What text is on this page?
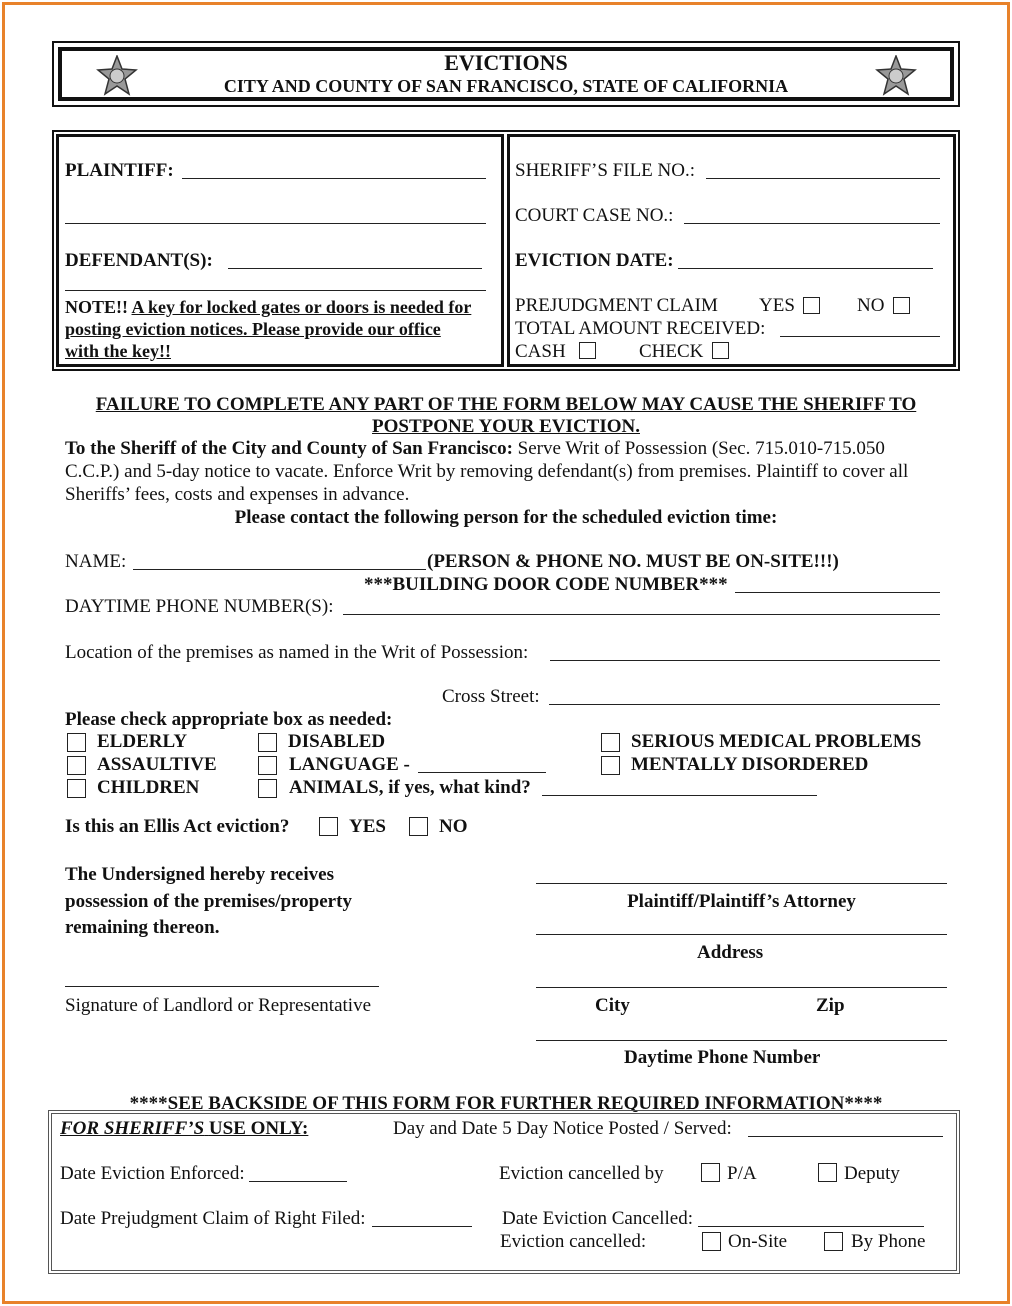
EVICTIONS
CITY AND COUNTY OF SAN FRANCISCO, STATE OF CALIFORNIA
PLAINTIFF:
DEFENDANT(S):
NOTE!! A key for locked gates or doors is needed for
posting eviction notices. Please provide our office
with the key!!
SHERIFF’S FILE NO.:
COURT CASE NO.:
EVICTION DATE:
PREJUDGMENT CLAIM YES	NO
TOTAL AMOUNT RECEIVED:
CASH	CHECK
FAILURE TO COMPLETE ANY PART OF THE FORM BELOW MAY CAUSE THE SHERIFF TO
POSTPONE YOUR EVICTION.
To the Sheriff of the City and County of San Francisco: Serve Writ of Possession (Sec. 715.010-715.050
C.C.P.) and 5-day notice to vacate. Enforce Writ by removing defendant(s) from premises. Plaintiff to cover all
Sheriffs’ fees, costs and expenses in advance.
Please contact the following person for the scheduled eviction time:
NAME:	(PERSON & PHONE NO. MUST BE ON-SITE!!!)
***BUILDING DOOR CODE NUMBER***
DAYTIME PHONE NUMBER(S):
Location of the premises as named in the Writ of Possession:
Cross Street:
Please check appropriate box as needed:
ELDERLY
ASSAULTIVE
CHILDREN
DISABLED
LANGUAGE -
ANIMALS, if yes, what kind?
SERIOUS MEDICAL PROBLEMS
MENTALLY DISORDERED
Is this an Ellis Act eviction?	YES	NO
The Undersigned hereby receives
possession of the premises/property
remaining thereon.
Signature of Landlord or Representative
Plaintiff/Plaintiff’s Attorney
Address
City	Zip
Daytime Phone Number
****SEE BACKSIDE OF THIS FORM FOR FURTHER REQUIRED INFORMATION****
FOR SHERIFF’S USE ONLY:	Day and Date 5 Day Notice Posted / Served:
Date Eviction Enforced:	Eviction cancelled by	P/A	Deputy
Date Prejudgment Claim of Right Filed:	Date Eviction Cancelled:
Eviction cancelled:	On-Site	By Phone
